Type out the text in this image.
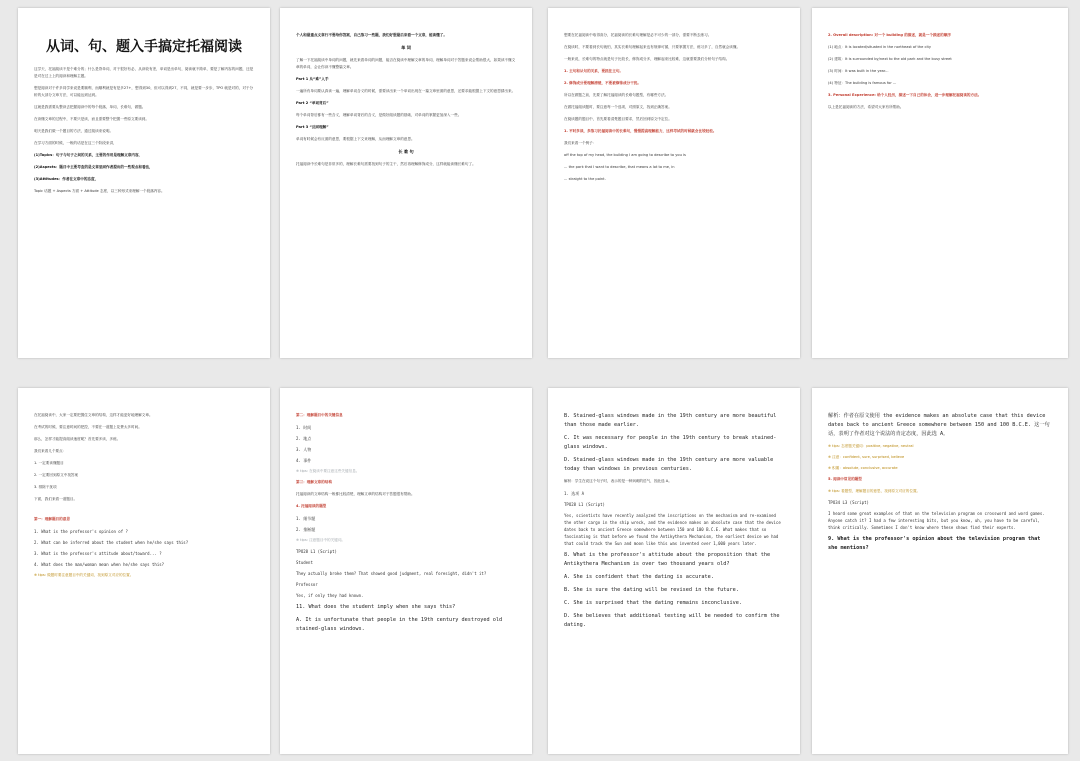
从词、句、题入手搞定托福阅读

这学天，托福阅读不是个难分的；什么是背单词，对于很好有必，从读较有差，单词是出单句，阅读就不简单，要是了解内容的问题，还是是对在过上上的阅读和理解主题。

想是阅读对于许多同学来说是要顺利，而顺利就是有是多27+，想得到30，但可以得到27，不同，就是要一步步，TPO 就是对的，对于分析的大部分文章方法，可以能达到达到。

这就是我需要从整读去把握阅读中的每个段落，单词，长难句，做题。

在读懂文章的过程中，不要只是读，而且需要整个把握一些原文要读到。

明天是我们做一个题目的方法，通过阅读来说明。

在学习方面的时候，一般的话是在这三个阶段来讲，

(1)Topics：句子与句子之间的关系，主要的作用是理解文章内容，

(2)Aspects：题目中主要考查的是文章里面作者提出的一些观点和看法，

(3)Attitudes：作者在文章中的态度，

Topic 话题 + Aspects 方面 + Attitude 态度，以三种形式来理解一个段落内容。

个人和最重点文章行不要给你答案，自己练习一些题，我们好想最后来看一个文章，能读懂了。

单 词

了解一下托福阅读中单词的问题，就先来看单词的问题，能否在阅读中理解文章的单词，理解单词对于答题来说会帮助很大，如果读不懂文章的单词，会让你读不懂整篇文章。

Part 1 从“难”入手

一遍所有单词要认真读一遍，理解单词含义的时候，需要读出来一个单词出现在一篇文章里面的意思，还要求能根据上下文的意思猜出来。

Part 2 “单词背后”

每个单词背后都有一些含义，理解单词背后的含义，是做好阅读题的基础，对单词的掌握更加深入一些。

Part 3 “反面理解”

单词有时候会有反面的意思，要根据上下文来理解，从而理解文章的意思。

长 难 句

托福阅读中长难句是非常多的，理解长难句需要找到句子的主干，然后再理解修饰成分，这样就能读懂长难句了。

想要在托福阅读中取得高分，托福阅读的长难句理解是必不可少的一部分，需要不断去练习。

在阅读时，不要看到长句就怕，其实长难句理解起来也有规律可循，只要掌握方法，练习多了，自然就会读懂。

一般来说，长难句的特点就是句子比较长，修饰成分多，理解起来比较难，这就需要我们分析句子结构。

1. 主句和从句的关系，要抓住主句。

2. 修饰成分要理解清楚，不要被修饰成分干扰。

所以在做题之前，先要了解托福阅读的长难句题型，有哪些方法。

在做托福阅读题时，要注意每一个选项，对照原文，找到正确答案。

在阅读题的题目中，首先要看清楚题目要求，然后回到原文中定位。

1. 平时多读，多练习托福阅读中的长难句，慢慢提高理解能力，这样考试的时候就会比较轻松。

我们来看一个例子：

off the top of my head, the building I am going to describe to you is

... the park that I want to describe, that means a lot to me, in

... straight to the point.

2. Overall description: 对一个 building 的描述，就是一个描述的顺序

(1) 地点：It is located/situated in the northeast of the city

(2) 建筑：It is surrounded by/next to the old park and the busy street

(3) 时间：It was built in the year...

(4) 特征：The building is famous for ...

3. Personal Experience: 给个人经历，描述一下自己的体会，进一步理解托福阅读的方法。

以上是托福阅读的方法，希望对大家有所帮助。

在托福阅读中，大家一定要把握住文章的结构，这样才能更好地理解文章。

在考试的时候，要注意时间的把控，不要在一道题上花费太多时间。

那么，怎样才能提高阅读速度呢？首先要多读，多练。

我们来看几个要点：

1. 一定要读懂题目

2. 一定要回到原文中找答案

3. 排除干扰项

下面，我们来看一道题目。

第一：理解题目的意思

1. What is the professor's opinion of ?

2. What can be inferred about the student when he/she says this?

3. What is the professor's attitude about/toward... ?

4. What does the man/woman mean when he/she says this?

※ tips: 做题时要注意题目中的关键词，找到原文对应的位置。

第二：理解题目中的关键信息

1. 时间

2. 地点

3. 人物

4. 事件

※ tips: 在阅读中要注意这些关键信息。

第三：理解文章的结构

托福阅读的文章结构一般都比较清楚，理解文章的结构对于答题很有帮助。

4. 托福阅读的题型

1. 细节题

2. 推断题

※ tips: 注意题目中的关键词。

TPO28 L1 (Script)

Student

They actually broke them? That showed good judgment, real foresight, didn't it?

Professor

Yes, if only they had known.

11. What does the student imply when she says this?

A. It is unfortunate that people in the 19th century destroyed old stained-glass windows.

B. Stained-glass windows made in the 19th century are more beautiful than those made earlier.

C. It was necessary for people in the 19th century to break stained-glass windows.

D. Stained-glass windows made in the 19th century are more valuable today than windows in previous centuries.

解析：学生在说这个句子时，表示的是一种讽刺的语气，因此选 A。

1. 选项 A

TPO28 L1 (Script)

Yes, scientists have recently analyzed the inscriptions on the mechanism and re-examined the other cargo in the ship wreck, and the evidence makes an absolute case that the device dates back to ancient Greece somewhere between 150 and 100 B.C.E. What makes that so fascinating is that before we found the Antikythera Mechanism, the earliest device we had that could track the Sun and moon like this was invented over 1,000 years later.

8. What is the professor's attitude about the proposition that the Antikythera Mechanism is over two thousand years old?

A. She is confident that the dating is accurate.

B. She is sure the dating will be revised in the future.

C. She is surprised that the dating remains inconclusive.

D. She believes that additional testing will be needed to confirm the dating.

解析：作者在原文使用 the evidence makes an absolute case that this device dates back to ancient Greece somewhere between 150 and 100 B.C.E. 这一句话，表明了作者对这个说法的肯定态度，因此选 A。

※ tips: 态度题关键词：positive, negative, neutral

※ 注意：confident, sure, surprised, believe

※ 积累：absolute, conclusive, accurate

5. 阅读中常见的题型

※ tips: 看题型，理解题目的意思，找到原文对应的位置。

TPO34 L3 (Script)

I heard some great examples of that on the television program on crossword and word games. Anyone catch it? I had a few interesting bits, but you know, uh, you have to be careful, think critically. Sometimes I don't know where these shows find their experts.

9. What is the professor's opinion about the television program that she mentions?
